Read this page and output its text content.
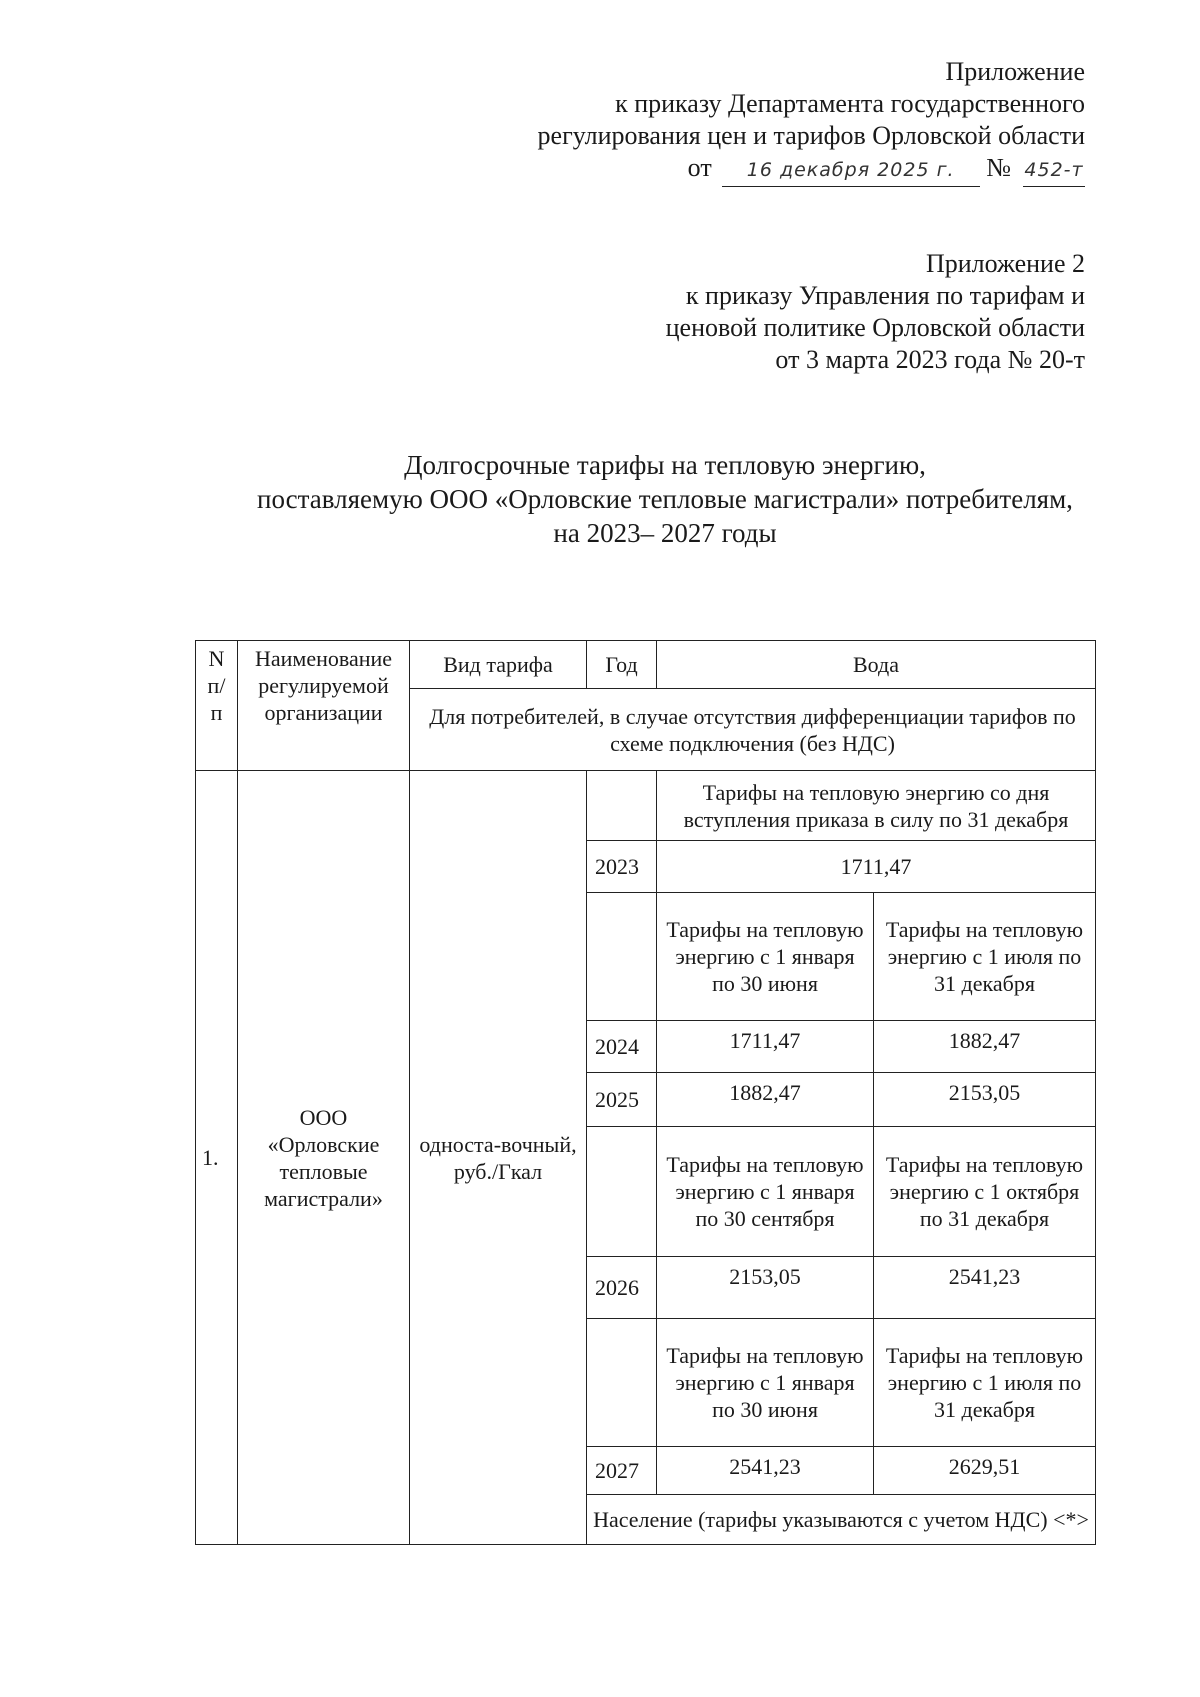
Приложение
к приказу Департамента государственного
регулирования цен и тарифов Орловской области
от 16 декабря 2025 г. № 452-т
Приложение 2
к приказу Управления по тарифам и
ценовой политике Орловской области
от 3 марта 2023 года № 20-т
Долгосрочные тарифы на тепловую энергию,
поставляемую ООО «Орловские тепловые магистрали» потребителям,
на 2023– 2027 годы
N п/п	Наименование регулируемой организации	Вид тарифа	Год	Вода	
		Для потребителей, в случае отсутствия дифференциации тарифов по схеме подключения (без НДС)			
1.	ООО «Орловские тепловые магистрали»	односта-вочный, руб./Гкал		Тарифы на тепловую энергию со дня вступления приказа в силу по 31 декабря	
			2023	1711,47	
				Тарифы на тепловую энергию с 1 января по 30 июня	Тарифы на тепловую энергию с 1 июля по 31 декабря
			2024	1711,47	1882,47
			2025	1882,47	2153,05
				Тарифы на тепловую энергию с 1 января по 30 сентября	Тарифы на тепловую энергию с 1 октября по 31 декабря
			2026	2153,05	2541,23
				Тарифы на тепловую энергию с 1 января по 30 июня	Тарифы на тепловую энергию с 1 июля по 31 декабря
			2027	2541,23	2629,51
			Население (тарифы указываются с учетом НДС) <*>		
